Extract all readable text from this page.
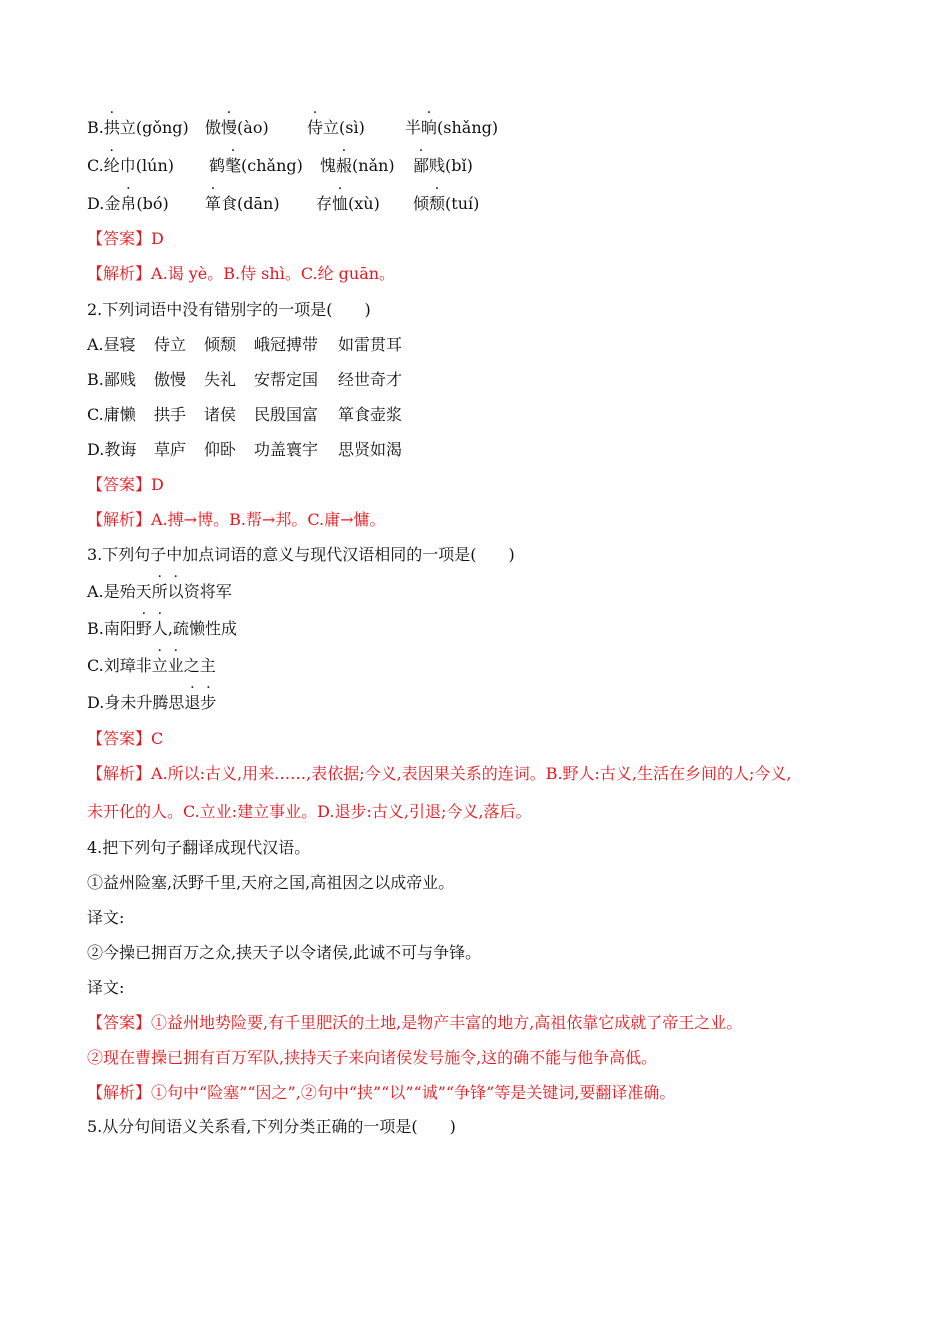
B.拱立(gǒng) 傲慢(ào) 侍立(sì)	半晌(shǎng)
C.纶巾(lún) 鹤氅(chǎng) 愧赧(nǎn) 鄙贱(bǐ)
D.金帛(bó) 箪食(dān) 存恤(xù) 倾颓(tuí)
【答案】D
【解析】A.谒 yè。B.侍 shì。C.纶 guān。
2.下列词语中没有错别字的一项是(　　)
A.昼寝 侍立 倾颓 峨冠搏带 如雷贯耳
B.鄙贱 傲慢 失礼 安帮定国 经世奇才
C.庸懒 拱手 诸侯 民殷国富 箪食壶浆
D.教诲 草庐 仰卧 功盖寰宇 思贤如渴
【答案】D
【解析】A.搏→博。B.帮→邦。C.庸→慵。
3.下列句子中加点词语的意义与现代汉语相同的一项是(　　)
A.是殆天所以资将军
B.南阳野人,疏懒性成
C.刘璋非立业之主
D.身未升腾思退步
【答案】C
【解析】A.所以:古义,用来……,表依据;今义,表因果关系的连词。B.野人:古义,生活在乡间的人;今义,
未开化的人。C.立业:建立事业。D.退步:古义,引退;今义,落后。
4.把下列句子翻译成现代汉语。
①益州险塞,沃野千里,天府之国,高祖因之以成帝业。
译文:
②今操已拥百万之众,挟天子以令诸侯,此诚不可与争锋。
译文:
【答案】①益州地势险要,有千里肥沃的土地,是物产丰富的地方,高祖依靠它成就了帝王之业。
②现在曹操已拥有百万军队,挟持天子来向诸侯发号施令,这的确不能与他争高低。
【解析】①句中“险塞”“因之”,②句中“挟”“以”“诚”“争锋”等是关键词,要翻译准确。
5.从分句间语义关系看,下列分类正确的一项是(　　)
